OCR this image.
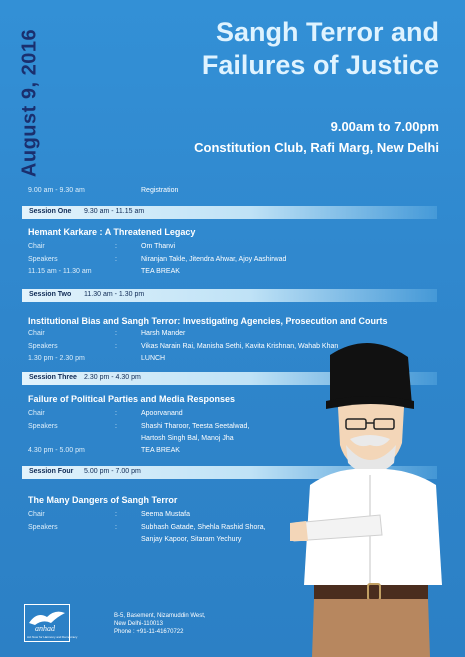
August 9, 2016	Sangh Terror and
Failures of Justice
9.00am to 7.00pm
Constitution Club, Rafi Marg, New Delhi
9.00 am - 9.30 am	Registration
Session One 9.30 am - 11.15 am
Hemant Karkare : A Threatened Legacy
Chair	:	Om Thanvi
Speakers	:	Niranjan Takle, Jitendra Ahwar, Ajoy Aashirwad
11.15 am - 11.30 am	TEA BREAK
Session Two 11.30 am - 1.30 pm
Institutional Bias and Sangh Terror: Investigating Agencies, Prosecution and Courts
Chair	:	Harsh Mander
Speakers	:	Vikas Narain Rai, Manisha Sethi, Kavita Krishnan, Wahab Khan
1.30 pm - 2.30 pm	LUNCH
Session Three 2.30 pm - 4.30 pm
Failure of Political Parties and Media Responses
Chair	:	Apoorvanand
Speakers	:	Shashi Tharoor, Teesta Seetalwad,
Hartosh Singh Bal, Manoj Jha
4.30 pm - 5.00 pm	TEA BREAK
Session Four 5.00 pm - 7.00 pm
The Many Dangers of Sangh Terror
Chair	:	Seema Mustafa
Speakers	:	Subhash Gatade, Shehla Rashid Shora,
Sanjay Kapoor, Sitaram Yechury
anhad
Act Now for Harmony and Democracy
B-5, Basement, Nizamuddin West,
New Delhi-110013
Phone : +91-11-41670722
